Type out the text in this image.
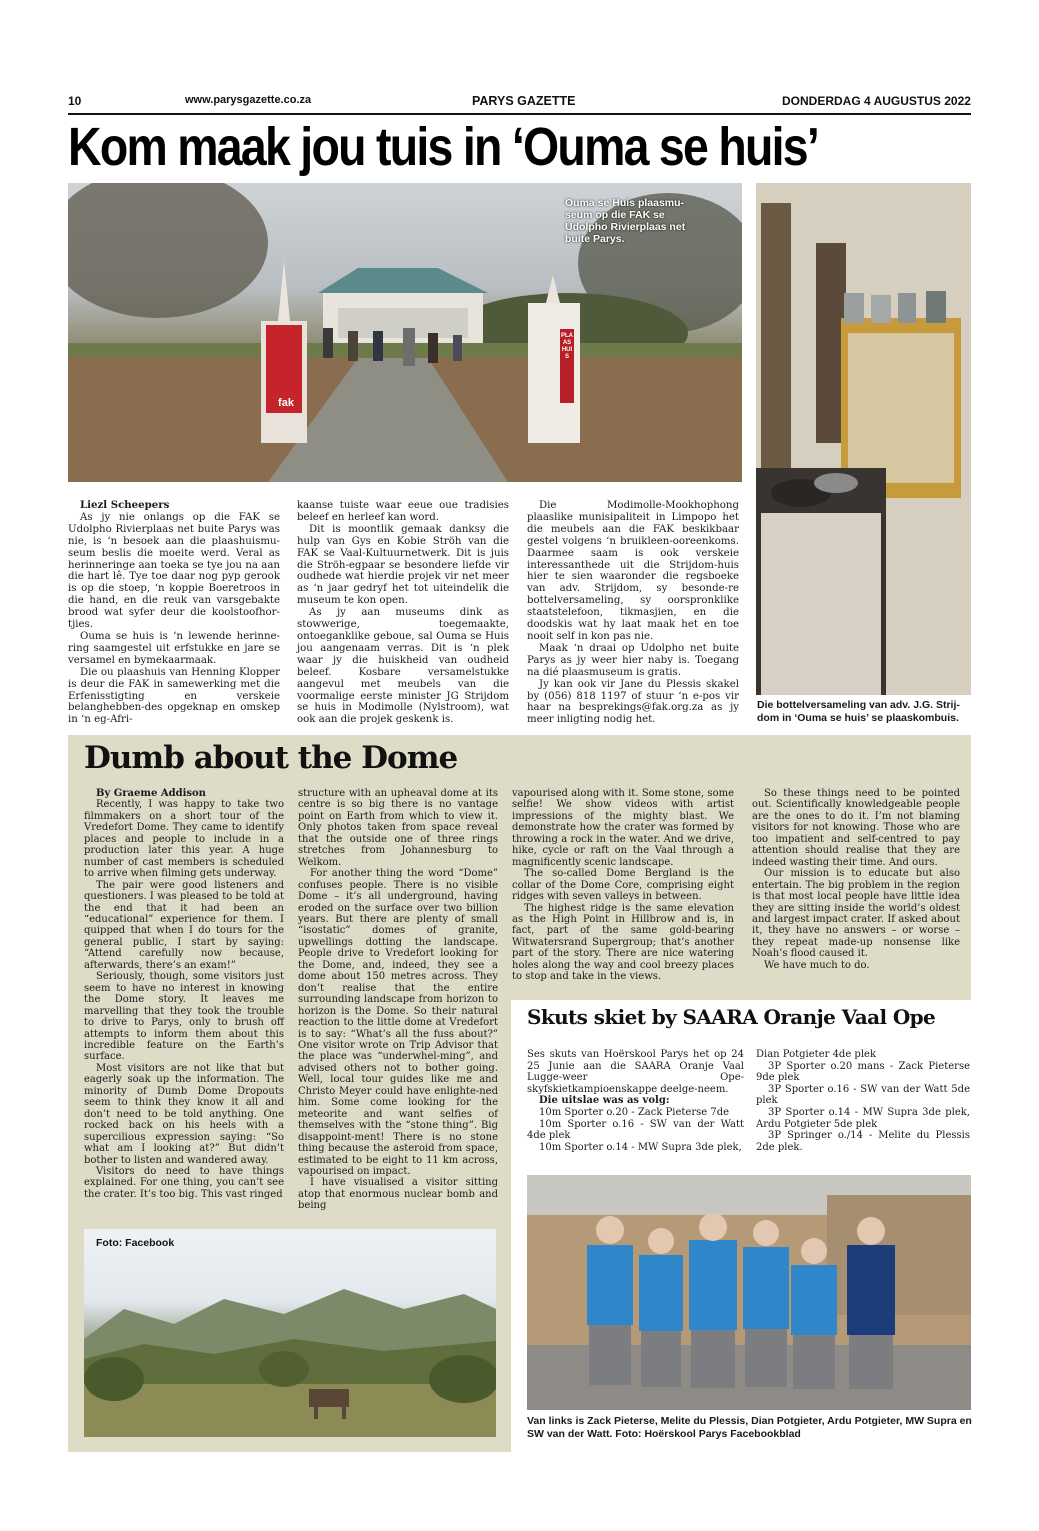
10	www.parysgazette.co.za	PARYS GAZETTE	DONDERDAG 4 AUGUSTUS 2022
Kom maak jou tuis in ‘Ouma se huis’
fak
PLAASHUIS
Ouma se Huis plaasmu-seum op die FAK se Udolpho Rivierplaas net buite Parys.
Die bottelversameling van adv. J.G. Strij-dom in ‘Ouma se huis’ se plaaskombuis.

Liezl Scheepers

As jy nie onlangs op die FAK se Udolpho Rivierplaas net buite Parys was nie, is ‘n besoek aan die plaashuismu-seum beslis die moeite werd. Veral as herinneringe aan toeka se tye jou na aan die hart lê. Tye toe daar nog pyp gerook is op die stoep, ‘n koppie Boeretroos in die hand, en die reuk van varsgebakte brood wat syfer deur die koolstoofhor-tjies.

Ouma se huis is ‘n lewende herinne-ring saamgestel uit erfstukke en jare se versamel en bymekaarmaak.

Die ou plaashuis van Henning Klopper is deur die FAK in samewerking met die Erfenisstigting en verskeie belanghebben-des opgeknap en omskep in ‘n eg-Afri-

kaanse tuiste waar eeue oue tradisies beleef en herleef kan word.

Dit is moontlik gemaak danksy die hulp van Gys en Kobie Ströh van die FAK se Vaal-Kultuurnetwerk. Dit is juis die Ströh-egpaar se besondere liefde vir oudhede wat hierdie projek vir net meer as ‘n jaar gedryf het tot uiteindelik die museum te kon open.

As jy aan museums dink as stowwerige, toegemaakte, ontoeganklike geboue, sal Ouma se Huis jou aangenaam verras. Dit is ‘n plek waar jy die huiskheid van oudheid beleef. Kosbare versamelstukke aangevul met meubels van die voormalige eerste minister JG Strijdom se huis in Modimolle (Nylstroom), wat ook aan die projek geskenk is.

Die Modimolle-Mookhophong plaaslike munisipaliteit in Limpopo het die meubels aan die FAK beskikbaar gestel volgens ‘n bruikleen-ooreenkoms. Daarmee saam is ook verskeie interessanthede uit die Strijdom-huis hier te sien waaronder die regsboeke van adv. Strijdom, sy besonde-re bottelversameling, sy oorspronklike staatstelefoon, tikmasjien, en die doodskis wat hy laat maak het en toe nooit self in kon pas nie.

Maak ‘n draai op Udolpho net buite Parys as jy weer hier naby is. Toegang na dié plaasmuseum is gratis.

Jy kan ook vir Jane du Plessis skakel by (056) 818 1197 of stuur ‘n e-pos vir haar na besprekings@fak.org.za as jy meer inligting nodig het.

Dumb about the Dome

By Graeme Addison

Recently, I was happy to take two filmmakers on a short tour of the Vredefort Dome. They came to identify places and people to include in a production later this year. A huge number of cast members is scheduled to arrive when filming gets underway.

The pair were good listeners and questioners. I was pleased to be told at the end that it had been an “educational” experience for them. I quipped that when I do tours for the general public, I start by saying: “Attend carefully now because, afterwards, there’s an exam!”

Seriously, though, some visitors just seem to have no interest in knowing the Dome story. It leaves me marvelling that they took the trouble to drive to Parys, only to brush off attempts to inform them about this incredible feature on the Earth’s surface.

Most visitors are not like that but eagerly soak up the information. The minority of Dumb Dome Dropouts seem to think they know it all and don’t need to be told anything. One rocked back on his heels with a supercilious expression saying: “So what am I looking at?” But didn’t bother to listen and wandered away.

Visitors do need to have things explained. For one thing, you can’t see the crater. It’s too big. This vast ringed

structure with an upheaval dome at its centre is so big there is no vantage point on Earth from which to view it. Only photos taken from space reveal that the outside one of three rings stretches from Johannesburg to Welkom.

For another thing the word “Dome” confuses people. There is no visible Dome – it’s all underground, having eroded on the surface over two billion years. But there are plenty of small “isostatic” domes of granite, upwellings dotting the landscape. People drive to Vredefort looking for the Dome, and, indeed, they see a dome about 150 metres across. They don’t realise that the entire surrounding landscape from horizon to horizon is the Dome. So their natural reaction to the little dome at Vredefort is to say: “What’s all the fuss about?” One visitor wrote on Trip Advisor that the place was “underwhel-ming”, and advised others not to bother going. Well, local tour guides like me and Christo Meyer could have enlighte-ned him. Some come looking for the meteorite and want selfies of themselves with the “stone thing”. Big disappoint-ment! There is no stone thing because the asteroid from space, estimated to be eight to 11 km across, vapourised on impact.

I have visualised a visitor sitting atop that enormous nuclear bomb and being

vapourised along with it. Some stone, some selfie! We show videos with artist impressions of the mighty blast. We demonstrate how the crater was formed by throwing a rock in the water. And we drive, hike, cycle or raft on the Vaal through a magnificently scenic landscape.

The so-called Dome Bergland is the collar of the Dome Core, comprising eight ridges with seven valleys in between.

The highest ridge is the same elevation as the High Point in Hillbrow and is, in fact, part of the same gold-bearing Witwatersrand Supergroup; that’s another part of the story. There are nice watering holes along the way and cool breezy places to stop and take in the views.

So these things need to be pointed out. Scientifically knowledgeable people are the ones to do it. I’m not blaming visitors for not knowing. Those who are too impatient and self-centred to pay attention should realise that they are indeed wasting their time. And ours.

Our mission is to educate but also entertain. The big problem in the region is that most local people have little idea they are sitting inside the world’s oldest and largest impact crater. If asked about it, they have no answers – or worse – they repeat made-up nonsense like Noah’s flood caused it.

We have much to do.

Foto: Facebook
Skuts skiet by SAARA Oranje Vaal Ope

Ses skuts van Hoërskool Parys het op 24 25 Junie aan die SAARA Oranje Vaal Lugge-weer Ope-skyfskietkampioenskappe deelge-neem.

Die uitslae was as volg:

10m Sporter o.20 - Zack Pieterse 7de

10m Sporter o.16 - SW van der Watt 4de plek

10m Sporter o.14 - MW Supra 3de plek,

Dian Potgieter 4de plek

3P Sporter o.20 mans - Zack Pieterse 9de plek

3P Sporter o.16 - SW van der Watt 5de plek

3P Sporter o.14 - MW Supra 3de plek, Ardu Potgieter 5de plek

3P Springer o./14 - Melite du Plessis 2de plek.

Van links is Zack Pieterse, Melite du Plessis, Dian Potgieter, Ardu Potgieter, MW Supra en SW van der Watt. Foto: Hoërskool Parys Facebookblad
